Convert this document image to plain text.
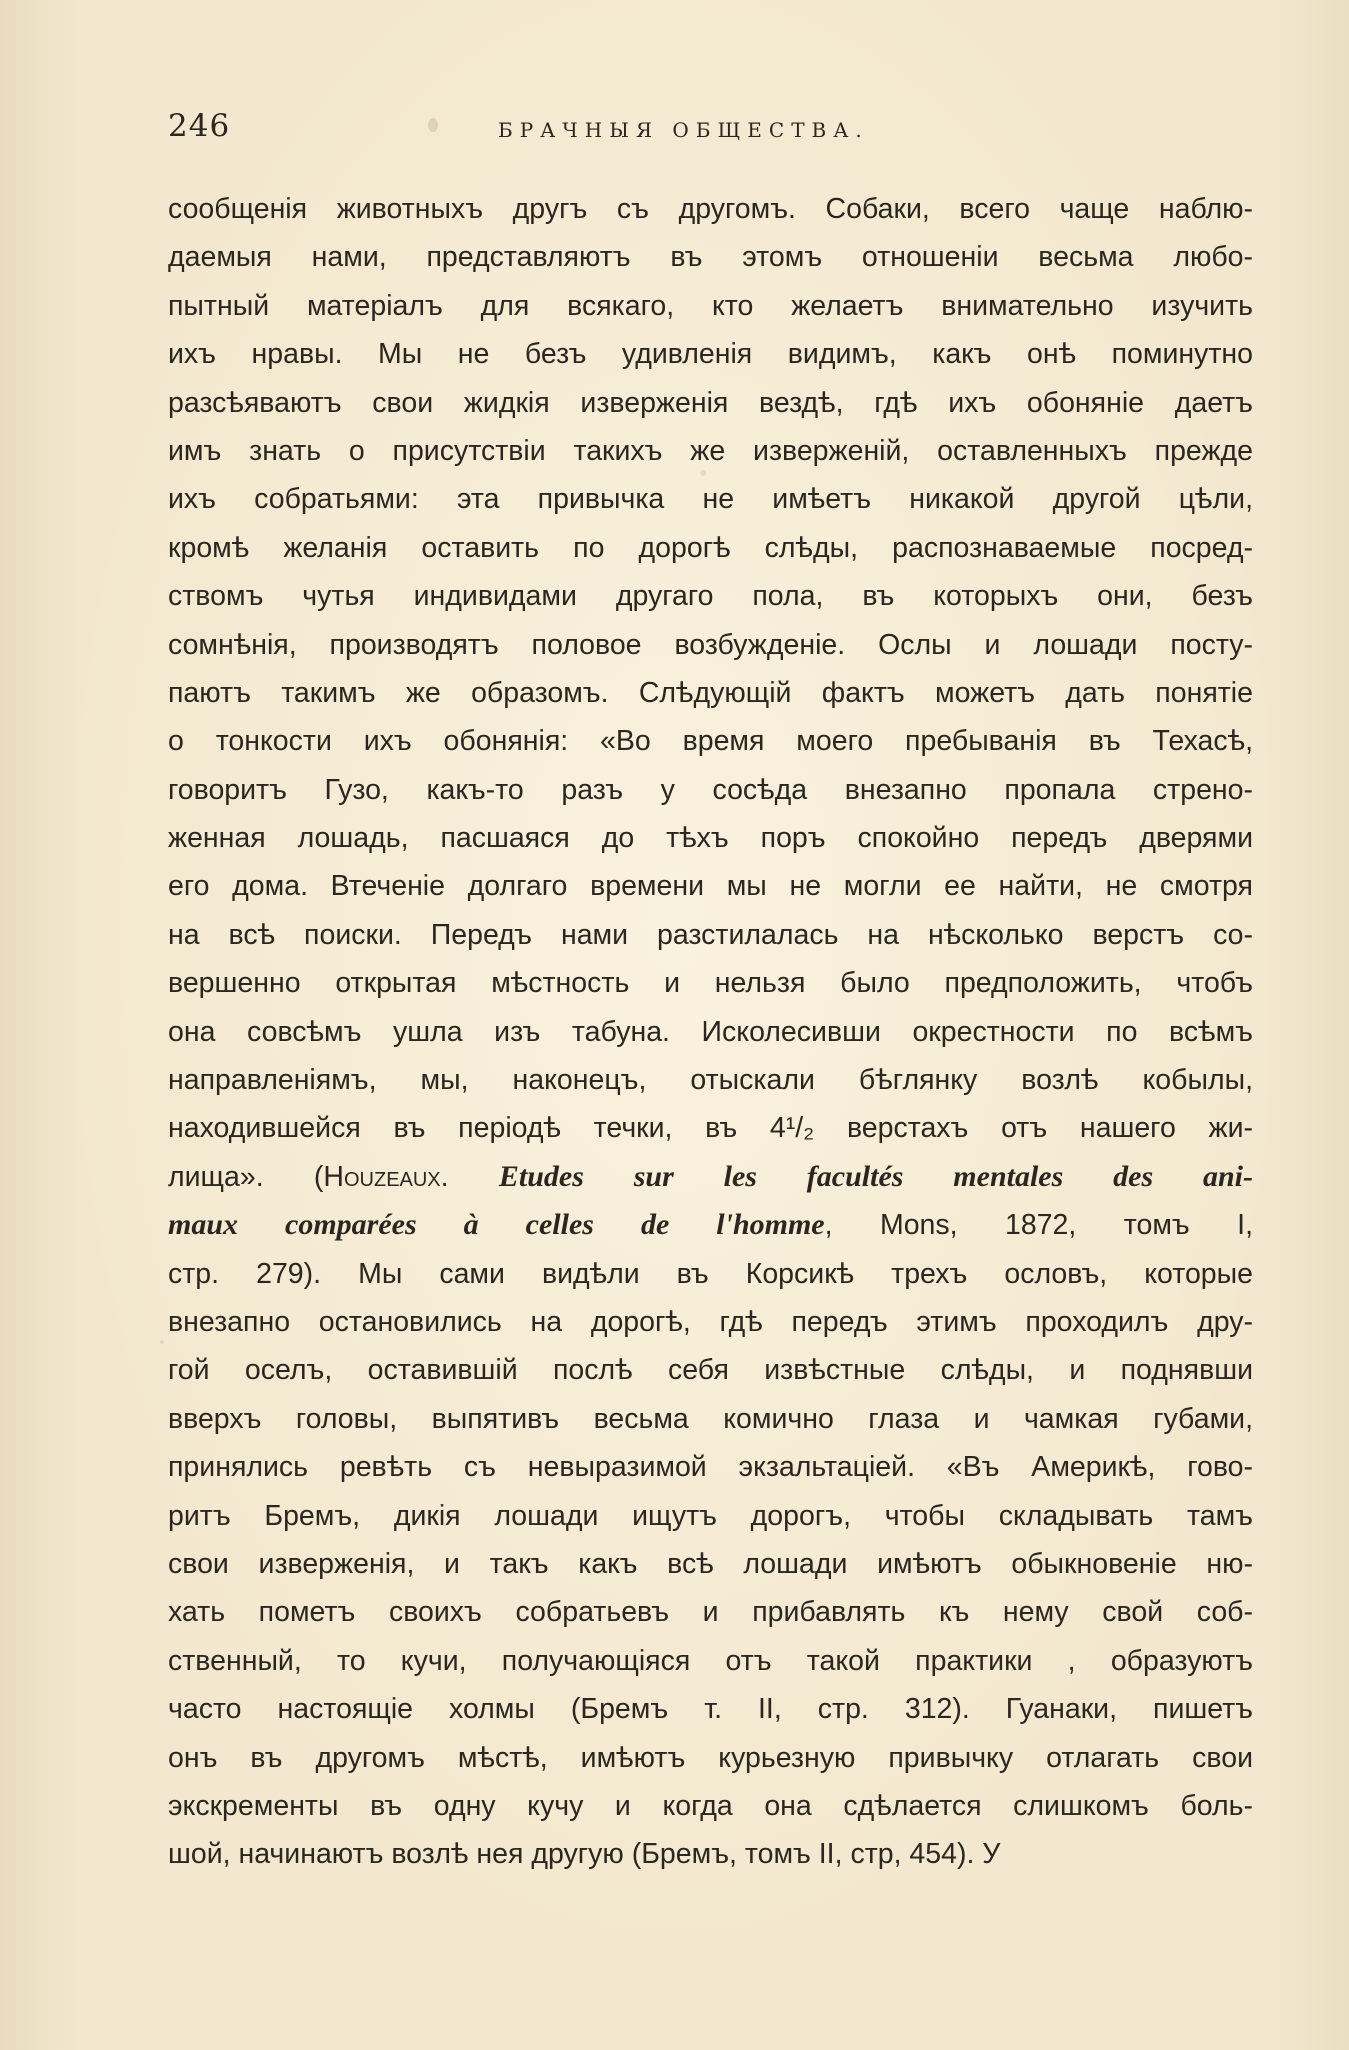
246	БРАЧНЫЯ ОБЩЕСТВА.
сообщенія животныхъ другъ съ другомъ. Собаки, всего чаще наблю-
даемыя нами, представляютъ въ этомъ отношеніи весьма любо-
пытный матеріалъ для всякаго, кто желаетъ внимательно изучить
ихъ нравы. Мы не безъ удивленія видимъ, какъ онѣ поминутно
разсѣяваютъ свои жидкія изверженія вездѣ, гдѣ ихъ обоняніе даетъ
имъ знать о присутствіи такихъ же изверженій, оставленныхъ прежде
ихъ собратьями: эта привычка не имѣетъ никакой другой цѣли,
кромѣ желанія оставить по дорогѣ слѣды, распознаваемые посред-
ствомъ чутья индивидами другаго пола, въ которыхъ они, безъ
сомнѣнія, производятъ половое возбужденіе. Ослы и лошади посту-
паютъ такимъ же образомъ. Слѣдующій фактъ можетъ дать понятіе
о тонкости ихъ обонянія: «Во время моего пребыванія въ Техасѣ,
говоритъ Гузо, какъ-то разъ у сосѣда внезапно пропала стрено-
женная лошадь, пасшаяся до тѣхъ поръ спокойно передъ дверями
его дома. Втеченіе долгаго времени мы не могли ее найти, не смотря
на всѣ поиски. Передъ нами разстилалась на нѣсколько верстъ со-
вершенно открытая мѣстность и нельзя было предположить, чтобъ
она совсѣмъ ушла изъ табуна. Исколесивши окрестности по всѣмъ
направленіямъ, мы, наконецъ, отыскали бѣглянку возлѣ кобылы,
находившейся въ періодѣ течки, въ 4¹/₂ верстахъ отъ нашего жи-
лища». (Houzeaux. Etudes sur les facultés mentales des ani-
maux comparées à celles de l'homme, Mons, 1872, томъ I,
стр. 279). Мы сами видѣли въ Корсикѣ трехъ ословъ, которые
внезапно остановились на дорогѣ, гдѣ передъ этимъ проходилъ дру-
гой оселъ, оставившій послѣ себя извѣстные слѣды, и поднявши
вверхъ головы, выпятивъ весьма комично глаза и чамкая губами,
принялись ревѣть съ невыразимой экзальтаціей. «Въ Америкѣ, гово-
ритъ Бремъ, дикія лошади ищутъ дорогъ, чтобы складывать тамъ
свои изверженія, и такъ какъ всѣ лошади имѣютъ обыкновеніе ню-
хать пометъ своихъ собратьевъ и прибавлять къ нему свой соб-
ственный, то кучи, получающіяся отъ такой практики , образуютъ
часто настоящіе холмы (Бремъ т. II, стр. 312). Гуанаки, пишетъ
онъ въ другомъ мѣстѣ, имѣютъ курьезную привычку отлагать свои
экскременты въ одну кучу и когда она сдѣлается слишкомъ боль-
шой, начинаютъ возлѣ нея другую (Бремъ, томъ II, стр, 454). У
